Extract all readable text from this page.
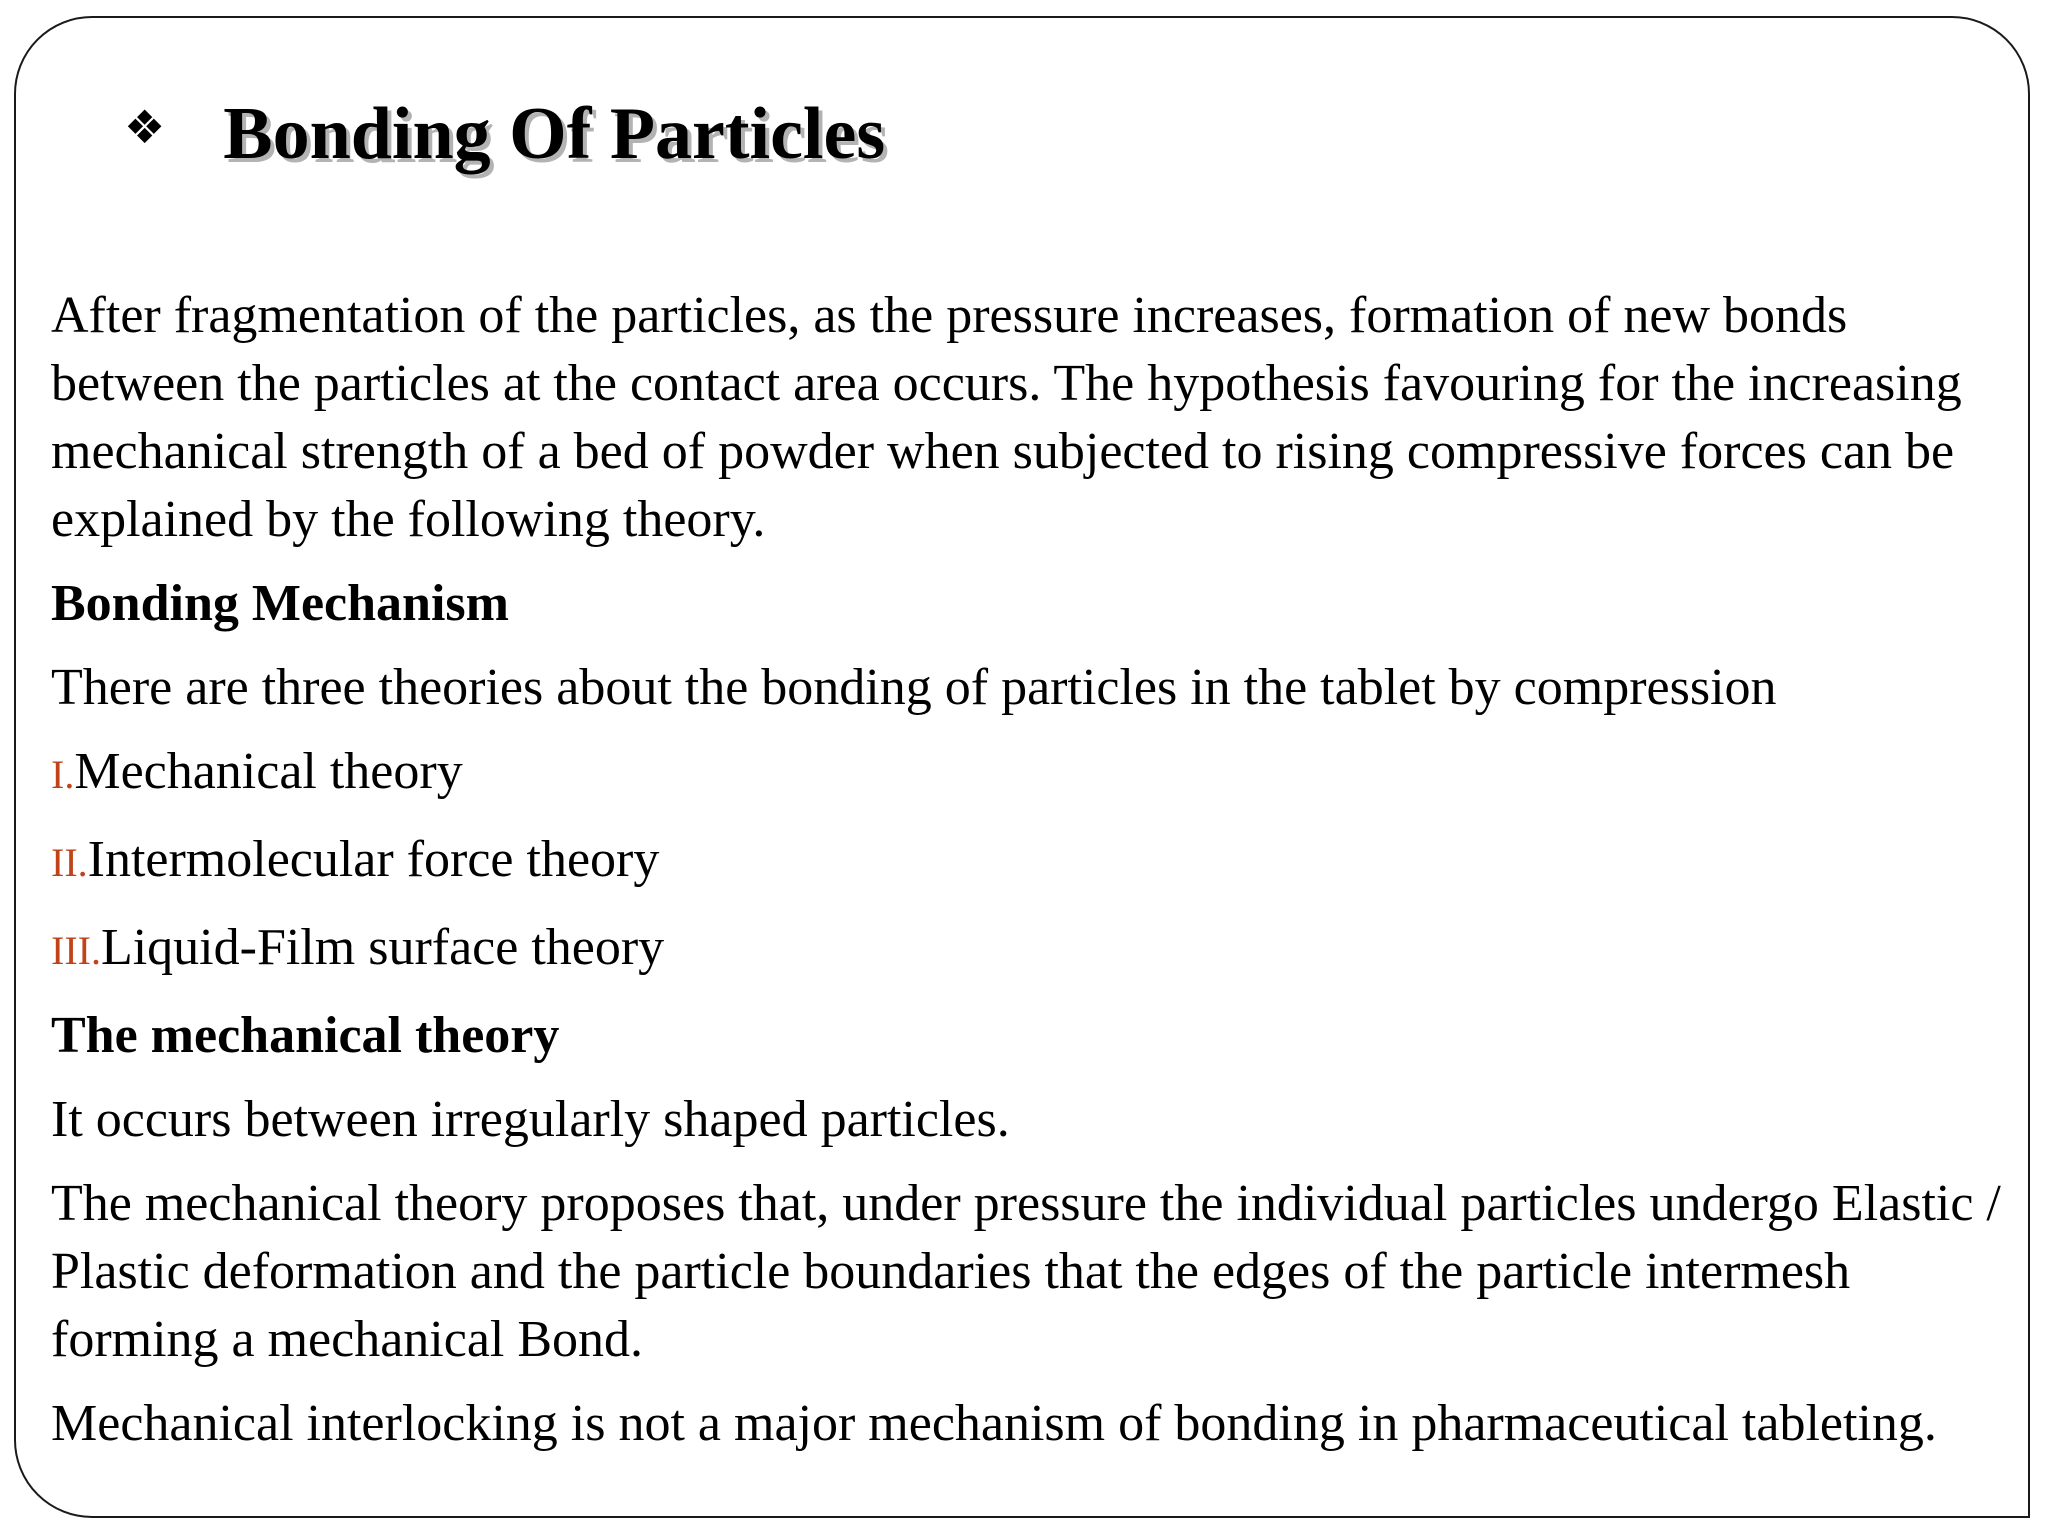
❖ Bonding Of Particles

After fragmentation of the particles, as the pressure increases, formation of new bonds between the particles at the contact area occurs. The hypothesis favouring for the increasing mechanical strength of a bed of powder when subjected to rising compressive forces can be explained by the following theory.

Bonding Mechanism

There are three theories about the bonding of particles in the tablet by compression

I.Mechanical theory
II.Intermolecular force theory
III.Liquid-Film surface theory
The mechanical theory

It occurs between irregularly shaped particles.

The mechanical theory proposes that, under pressure the individual particles undergo Elastic / Plastic deformation and the particle boundaries that the edges of the particle intermesh forming a mechanical Bond.

Mechanical interlocking is not a major mechanism of bonding in pharmaceutical tableting.
